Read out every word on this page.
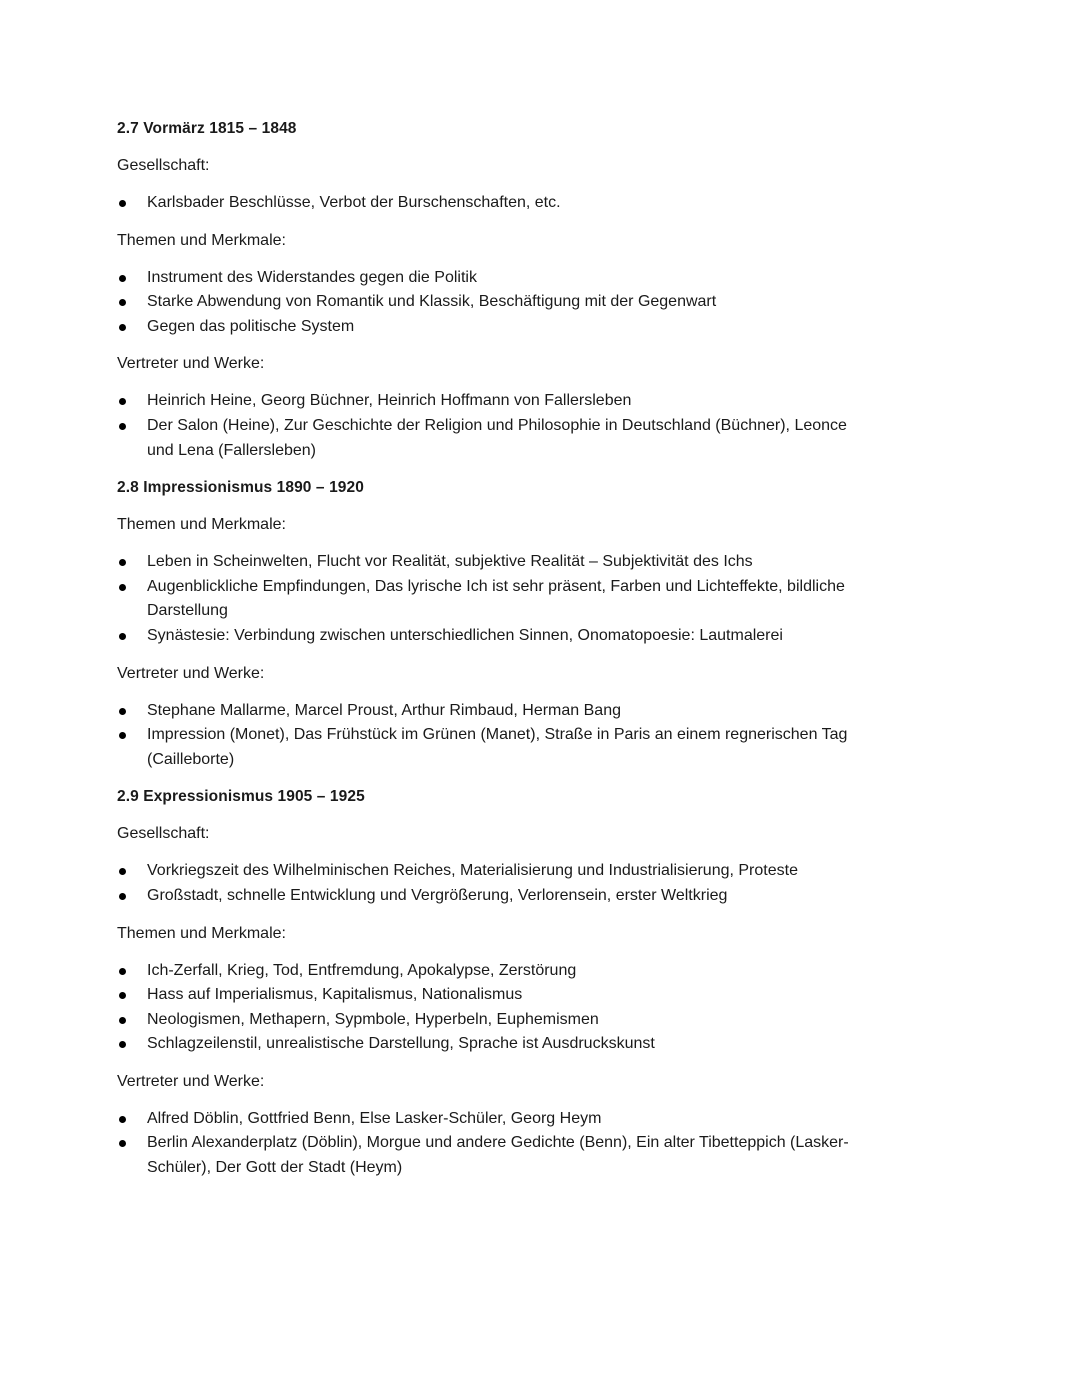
2.7 Vormärz 1815 – 1848
Gesellschaft:
Karlsbader Beschlüsse, Verbot der Burschenschaften, etc.
Themen und Merkmale:
Instrument des Widerstandes gegen die Politik
Starke Abwendung von Romantik und Klassik, Beschäftigung mit der Gegenwart
Gegen das politische System
Vertreter und Werke:
Heinrich Heine, Georg Büchner, Heinrich Hoffmann von Fallersleben
Der Salon (Heine), Zur Geschichte der Religion und Philosophie in Deutschland (Büchner), Leonce und Lena (Fallersleben)
2.8 Impressionismus 1890 – 1920
Themen und Merkmale:
Leben in Scheinwelten, Flucht vor Realität, subjektive Realität – Subjektivität des Ichs
Augenblickliche Empfindungen, Das lyrische Ich ist sehr präsent, Farben und Lichteffekte, bildliche Darstellung
Synästesie: Verbindung zwischen unterschiedlichen Sinnen, Onomatopoesie: Lautmalerei
Vertreter und Werke:
Stephane Mallarme, Marcel Proust, Arthur Rimbaud, Herman Bang
Impression (Monet), Das Frühstück im Grünen (Manet), Straße in Paris an einem regnerischen Tag (Cailleborte)
2.9 Expressionismus 1905 – 1925
Gesellschaft:
Vorkriegszeit des Wilhelminischen Reiches, Materialisierung und Industrialisierung, Proteste
Großstadt, schnelle Entwicklung und Vergrößerung, Verlorensein, erster Weltkrieg
Themen und Merkmale:
Ich-Zerfall, Krieg, Tod, Entfremdung, Apokalypse, Zerstörung
Hass auf Imperialismus, Kapitalismus, Nationalismus
Neologismen, Methapern, Sypmbole, Hyperbeln, Euphemismen
Schlagzeilenstil, unrealistische Darstellung, Sprache ist Ausdruckskunst
Vertreter und Werke:
Alfred Döblin, Gottfried Benn, Else Lasker-Schüler, Georg Heym
Berlin Alexanderplatz (Döblin), Morgue und andere Gedichte (Benn), Ein alter Tibetteppich (Lasker-Schüler), Der Gott der Stadt (Heym)
